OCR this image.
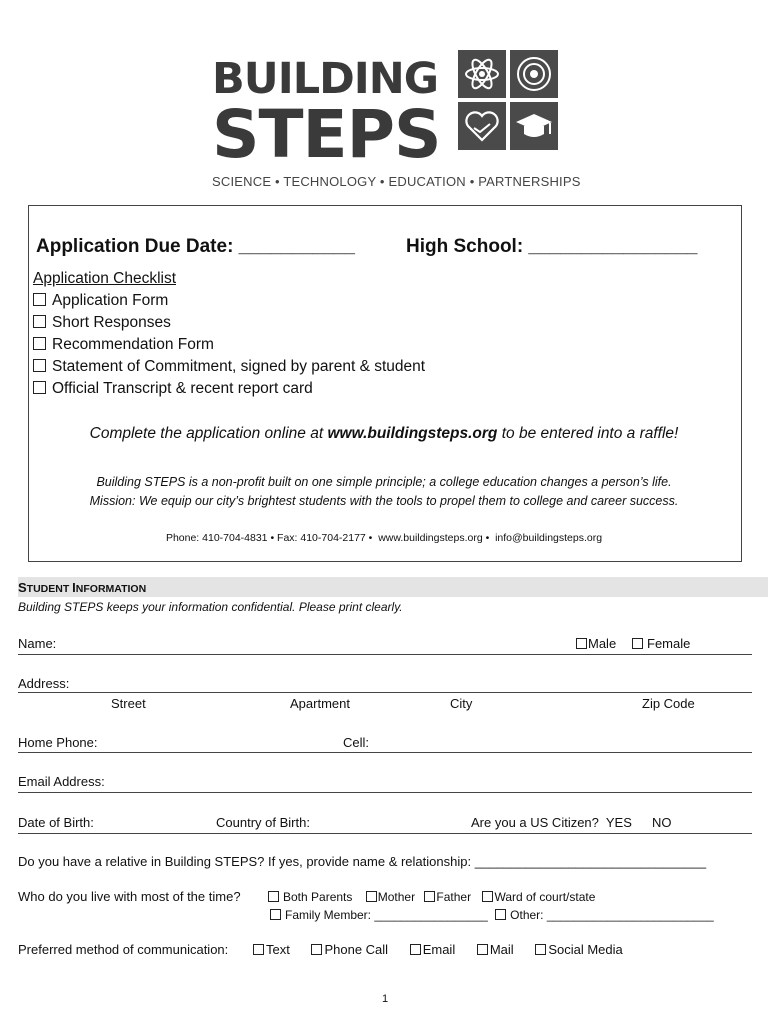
BUILDING
STEPS
SCIENCE • TECHNOLOGY • EDUCATION • PARTNERSHIPS
Application Due Date: ___________	High School: ________________
Application Checklist
Application Form
Short Responses
Recommendation Form
Statement of Commitment, signed by parent & student
Official Transcript & recent report card
Complete the application online at www.buildingsteps.org to be entered into a raffle!
Building STEPS is a non-profit built on one simple principle; a college education changes a person’s life.
Mission: We equip our city’s brightest students with the tools to propel them to college and career success.
Phone: 410-704-4831 • Fax: 410-704-2177 •  www.buildingsteps.org •  info@buildingsteps.org
STUDENT INFORMATION
Building STEPS keeps your information confidential. Please print clearly.
Name:	Male	Female
Address:
Street	Apartment	City	Zip Code
Home Phone:	Cell:
Email Address:
Date of Birth:	Country of Birth:	Are you a US Citizen?  YES NO
Do you have a relative in Building STEPS? If yes, provide name & relationship: ________________________________
Who do you live with most of the time?	Both Parents Mother Father Ward of court/state
Family Member: _________________ Other: _________________________
Preferred method of communication:	Text	Phone Call	Email	Mail	Social Media
1
